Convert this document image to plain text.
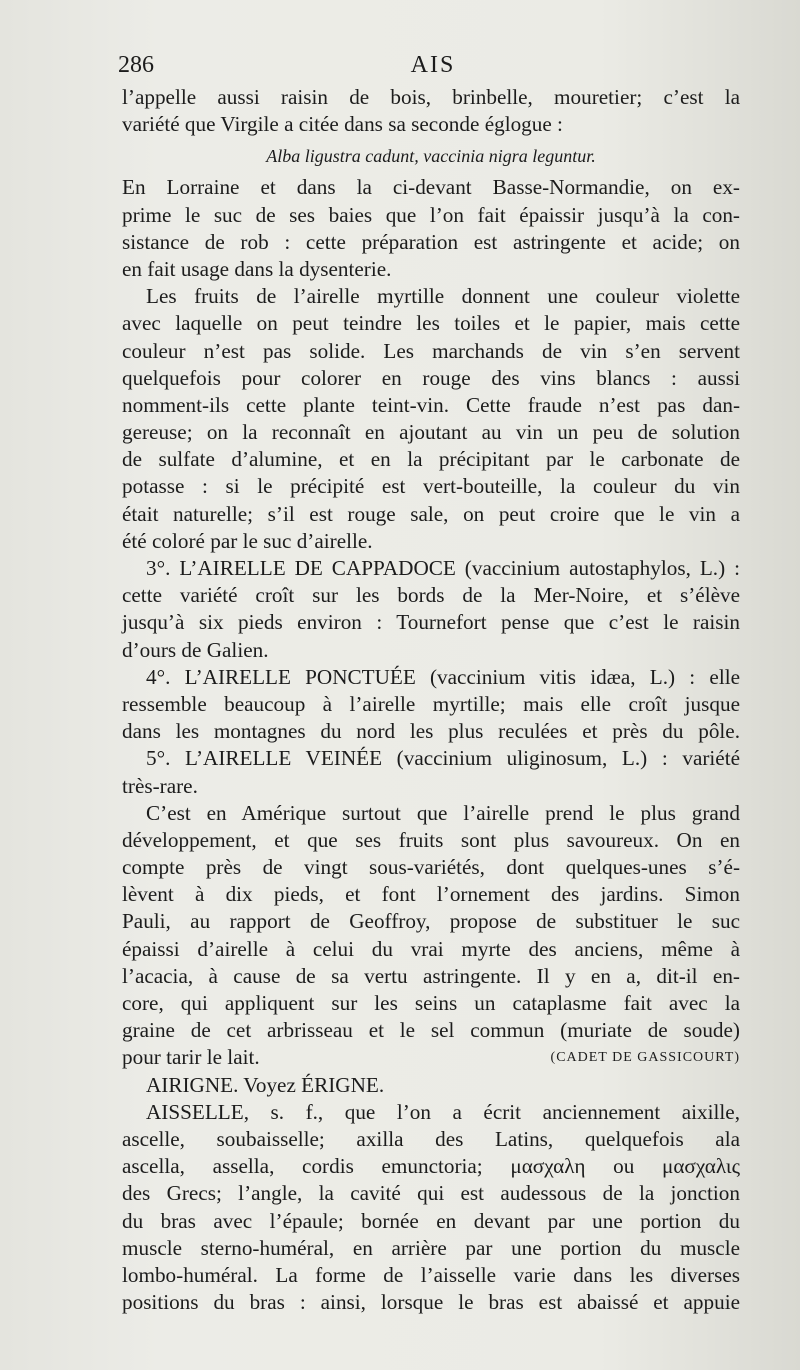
286	AIS
l’appelle aussi raisin de bois, brinbelle, mouretier; c’est la
variété que Virgile a citée dans sa seconde églogue :
Alba ligustra cadunt, vaccinia nigra leguntur.
En Lorraine et dans la ci-devant Basse-Normandie, on ex-
prime le suc de ses baies que l’on fait épaissir jusqu’à la con-
sistance de rob : cette préparation est astringente et acide; on
en fait usage dans la dysenterie.
Les fruits de l’airelle myrtille donnent une couleur violette
avec laquelle on peut teindre les toiles et le papier, mais cette
couleur n’est pas solide. Les marchands de vin s’en servent
quelquefois pour colorer en rouge des vins blancs : aussi
nomment-ils cette plante teint-vin. Cette fraude n’est pas dan-
gereuse; on la reconnaît en ajoutant au vin un peu de solution
de sulfate d’alumine, et en la précipitant par le carbonate de
potasse : si le précipité est vert-bouteille, la couleur du vin
était naturelle; s’il est rouge sale, on peut croire que le vin a
été coloré par le suc d’airelle.
3°. L’AIRELLE DE CAPPADOCE (vaccinium autostaphylos, L.) :
cette variété croît sur les bords de la Mer-Noire, et s’élève
jusqu’à six pieds environ : Tournefort pense que c’est le raisin
d’ours de Galien.
4°. L’AIRELLE PONCTUÉE (vaccinium vitis idæa, L.) : elle
ressemble beaucoup à l’airelle myrtille; mais elle croît jusque
dans les montagnes du nord les plus reculées et près du pôle.
5°. L’AIRELLE VEINÉE (vaccinium uliginosum, L.) : variété
très-rare.
C’est en Amérique surtout que l’airelle prend le plus grand
développement, et que ses fruits sont plus savoureux. On en
compte près de vingt sous-variétés, dont quelques-unes s’é-
lèvent à dix pieds, et font l’ornement des jardins. Simon
Pauli, au rapport de Geoffroy, propose de substituer le suc
épaissi d’airelle à celui du vrai myrte des anciens, même à
l’acacia, à cause de sa vertu astringente. Il y en a, dit-il en-
core, qui appliquent sur les seins un cataplasme fait avec la
graine de cet arbrisseau et le sel commun (muriate de soude)
pour tarir le lait.	(CADET DE GASSICOURT)
AIRIGNE. Voyez ÉRIGNE.
AISSELLE, s. f., que l’on a écrit anciennement aixille,
ascelle, soubaisselle; axilla des Latins, quelquefois ala
ascella, assella, cordis emunctoria; μασχαλη ou μασχαλις
des Grecs; l’angle, la cavité qui est audessous de la jonction
du bras avec l’épaule; bornée en devant par une portion du
muscle sterno-huméral, en arrière par une portion du muscle
lombo-huméral. La forme de l’aisselle varie dans les diverses
positions du bras : ainsi, lorsque le bras est abaissé et appuie
